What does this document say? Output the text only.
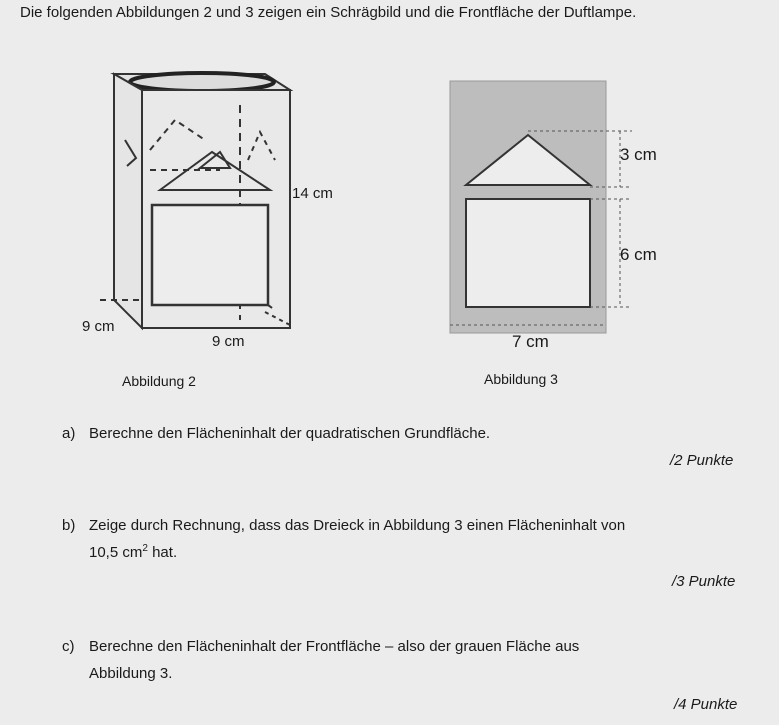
Die folgenden Abbildungen 2 und 3 zeigen ein Schrägbild und die Frontfläche der Duftlampe.
14 cm
9 cm
9 cm
Abbildung 2
3 cm
6 cm
7 cm
Abbildung 3
a) Berechne den Flächeninhalt der quadratischen Grundfläche.
/2 Punkte
b) Zeige durch Rechnung, dass das Dreieck in Abbildung 3 einen Flächeninhalt von
10,5 $cm^2$ hat.
/3 Punkte
c) Berechne den Flächeninhalt der Frontfläche – also der grauen Fläche aus
Abbildung 3.
/4 Punkte
